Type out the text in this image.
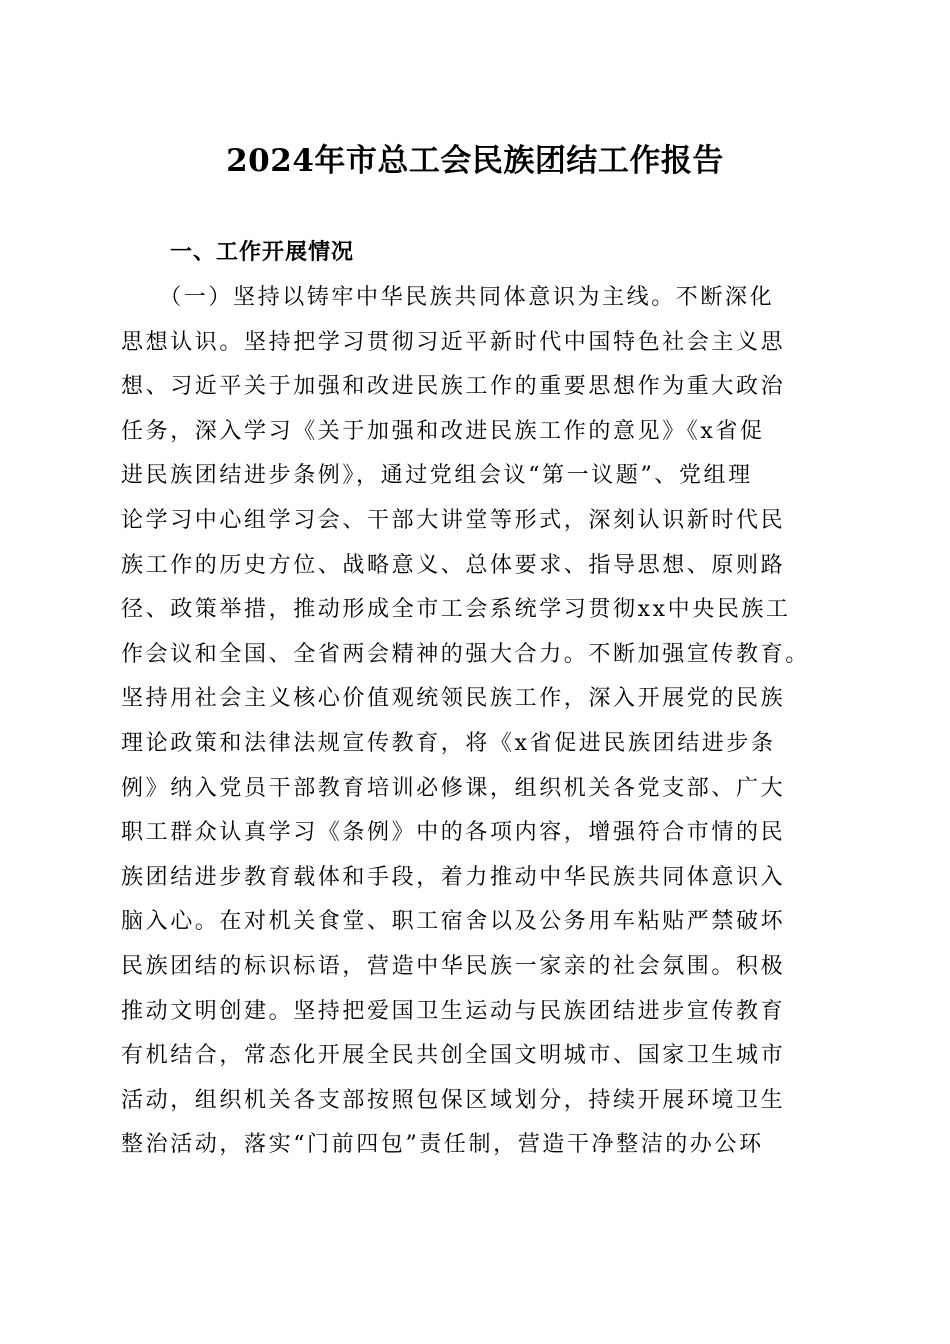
2024年市总工会民族团结工作报告
一、工作开展情况
　　（一）坚持以铸牢中华民族共同体意识为主线。不断深化
思想认识。坚持把学习贯彻习近平新时代中国特色社会主义思
想、习近平关于加强和改进民族工作的重要思想作为重大政治
任务，深入学习《关于加强和改进民族工作的意见》《x省促
进民族团结进步条例》，通过党组会议“第一议题”、党组理
论学习中心组学习会、干部大讲堂等形式，深刻认识新时代民
族工作的历史方位、战略意义、总体要求、指导思想、原则路
径、政策举措，推动形成全市工会系统学习贯彻xx中央民族工
作会议和全国、全省两会精神的强大合力。不断加强宣传教育。
坚持用社会主义核心价值观统领民族工作，深入开展党的民族
理论政策和法律法规宣传教育，将《x省促进民族团结进步条
例》纳入党员干部教育培训必修课，组织机关各党支部、广大
职工群众认真学习《条例》中的各项内容，增强符合市情的民
族团结进步教育载体和手段，着力推动中华民族共同体意识入
脑入心。在对机关食堂、职工宿舍以及公务用车粘贴严禁破坏
民族团结的标识标语，营造中华民族一家亲的社会氛围。积极
推动文明创建。坚持把爱国卫生运动与民族团结进步宣传教育
有机结合，常态化开展全民共创全国文明城市、国家卫生城市
活动，组织机关各支部按照包保区域划分，持续开展环境卫生
整治活动，落实“门前四包”责任制，营造干净整洁的办公环
